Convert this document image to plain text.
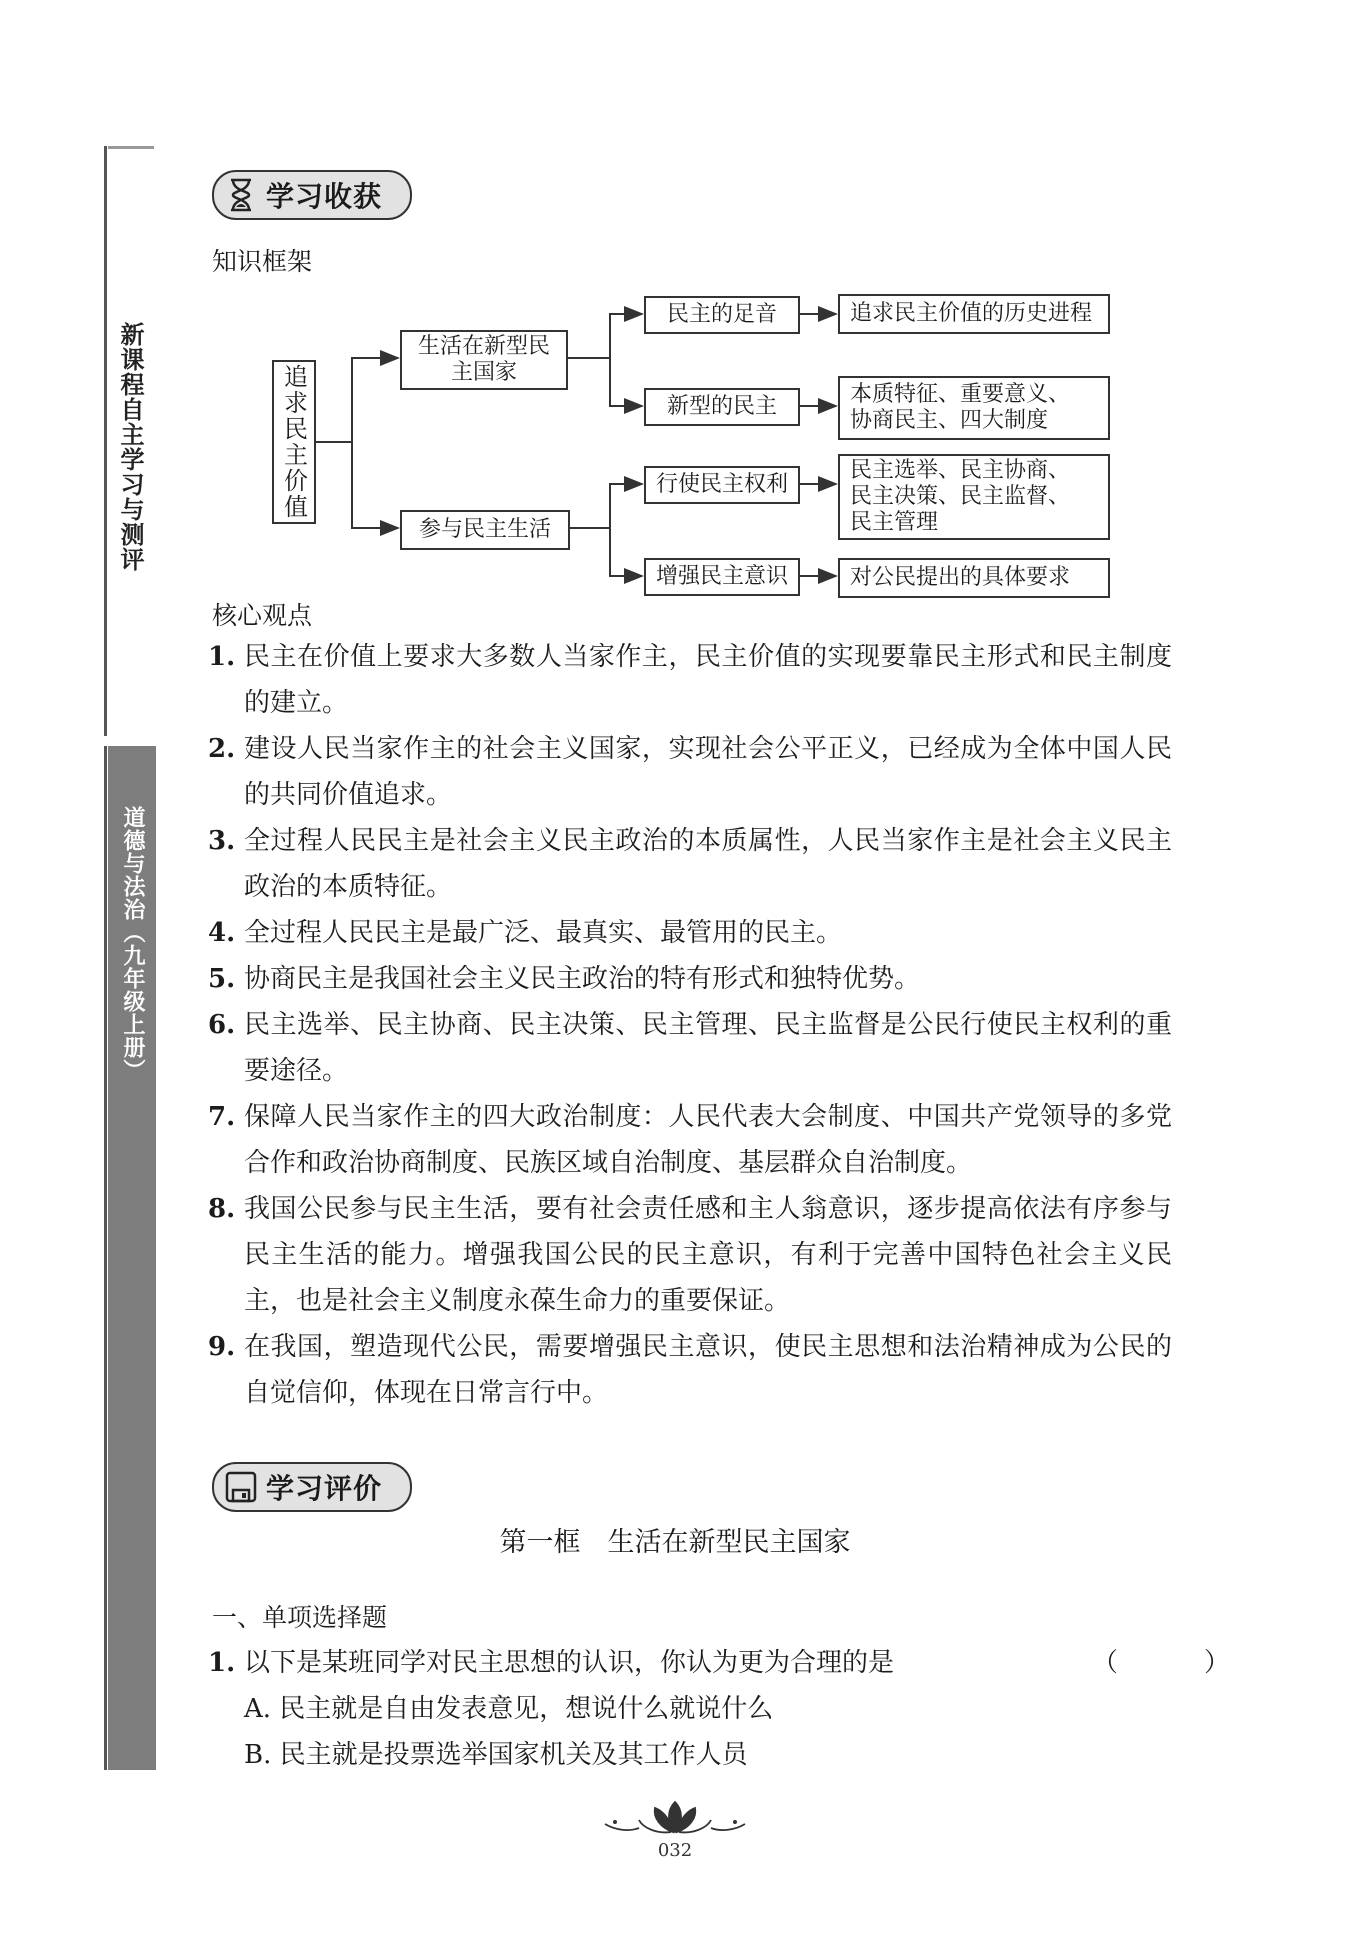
新课程自主学习与测评
道德与法治（九年级上册）
学习收获
知识框架
追求民主价值
生活在新型民主国家
参与民主生活
民主的足音
新型的民主
行使民主权利
增强民主意识
追求民主价值的历史进程
本质特征、重要意义、
协商民主、四大制度
民主选举、民主协商、
民主决策、民主监督、
民主管理
对公民提出的具体要求
核心观点
1. 民主在价值上要求大多数人当家作主，民主价值的实现要靠民主形式和民主制度的建立。
2. 建设人民当家作主的社会主义国家，实现社会公平正义，已经成为全体中国人民的共同价值追求。
3. 全过程人民民主是社会主义民主政治的本质属性，人民当家作主是社会主义民主政治的本质特征。
4. 全过程人民民主是最广泛、最真实、最管用的民主。
5. 协商民主是我国社会主义民主政治的特有形式和独特优势。
6. 民主选举、民主协商、民主决策、民主管理、民主监督是公民行使民主权利的重要途径。
7. 保障人民当家作主的四大政治制度：人民代表大会制度、中国共产党领导的多党合作和政治协商制度、民族区域自治制度、基层群众自治制度。
8. 我国公民参与民主生活，要有社会责任感和主人翁意识，逐步提高依法有序参与民主生活的能力。增强我国公民的民主意识，有利于完善中国特色社会主义民主，也是社会主义制度永葆生命力的重要保证。
9. 在我国，塑造现代公民，需要增强民主意识，使民主思想和法治精神成为公民的自觉信仰，体现在日常言行中。
学习评价
第一框　生活在新型民主国家
一、单项选择题
1. 以下是某班同学对民主思想的认识，你认为更为合理的是	（　）
A. 民主就是自由发表意见，想说什么就说什么
B. 民主就是投票选举国家机关及其工作人员
032
